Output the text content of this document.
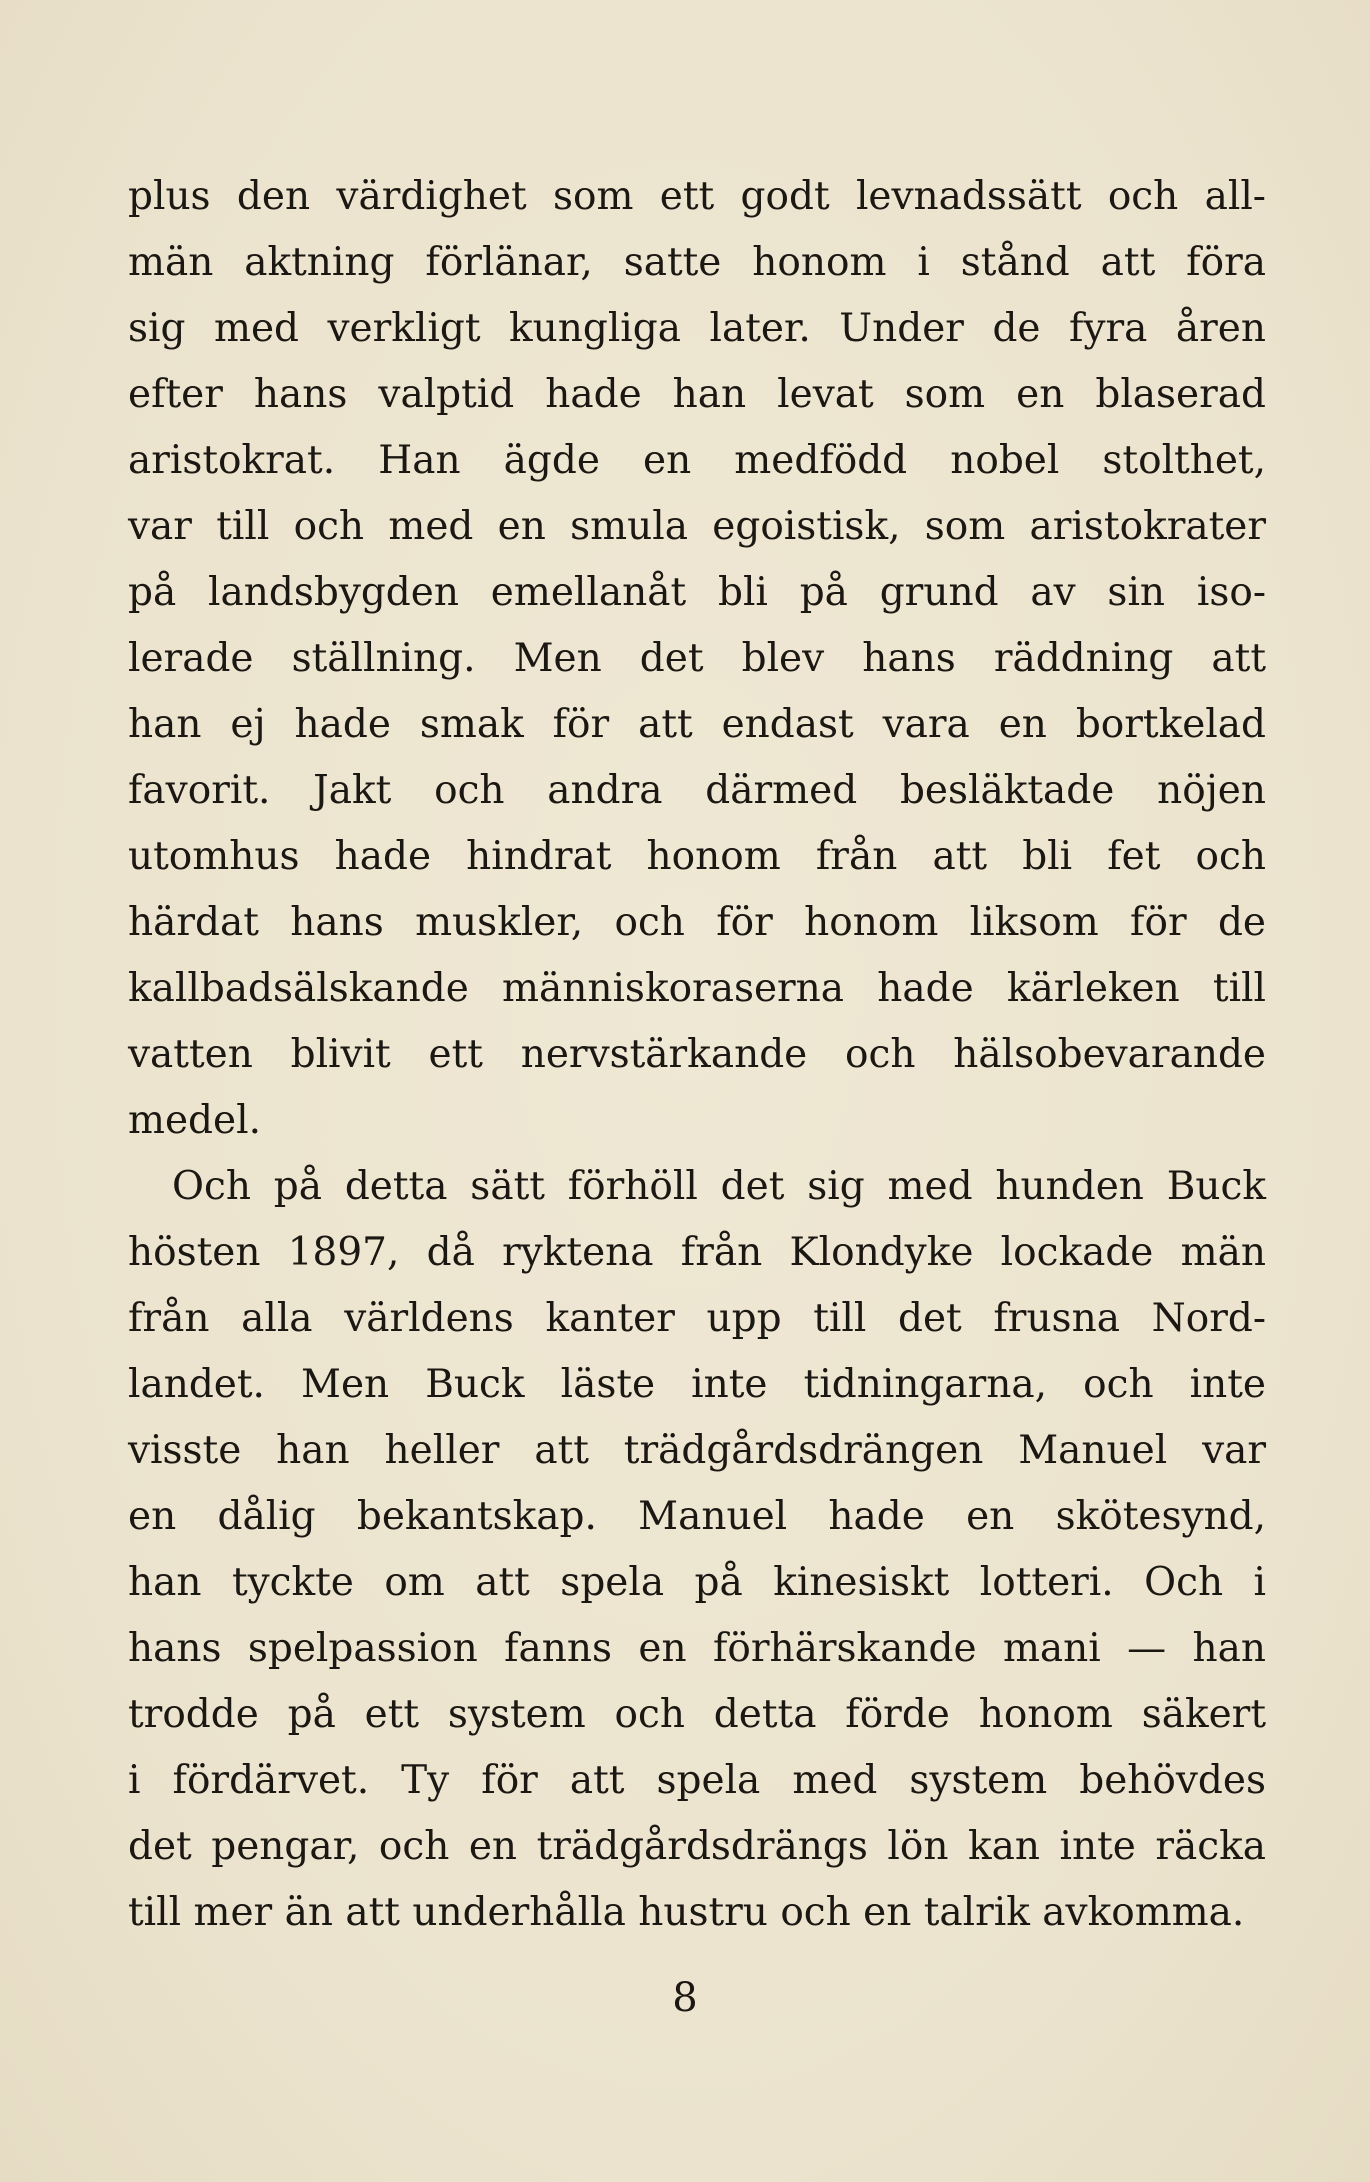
plus den värdighet som ett godt levnadssätt och all-
män aktning förlänar, satte honom i stånd att föra
sig med verkligt kungliga later. Under de fyra åren
efter hans valptid hade han levat som en blaserad
aristokrat. Han ägde en medfödd nobel stolthet,
var till och med en smula egoistisk, som aristokrater
på landsbygden emellanåt bli på grund av sin iso-
lerade ställning. Men det blev hans räddning att
han ej hade smak för att endast vara en bortkelad
favorit. Jakt och andra därmed besläktade nöjen
utomhus hade hindrat honom från att bli fet och
härdat hans muskler, och för honom liksom för de
kallbadsälskande människoraserna hade kärleken till
vatten blivit ett nervstärkande och hälsobevarande
medel.

Och på detta sätt förhöll det sig med hunden Buck
hösten 1897, då ryktena från Klondyke lockade män
från alla världens kanter upp till det frusna Nord-
landet. Men Buck läste inte tidningarna, och inte
visste han heller att trädgårdsdrängen Manuel var
en dålig bekantskap. Manuel hade en skötesynd,
han tyckte om att spela på kinesiskt lotteri. Och i
hans spelpassion fanns en förhärskande mani — han
trodde på ett system och detta förde honom säkert
i fördärvet. Ty för att spela med system behövdes
det pengar, och en trädgårdsdrängs lön kan inte räcka
till mer än att underhålla hustru och en talrik avkomma.

8
